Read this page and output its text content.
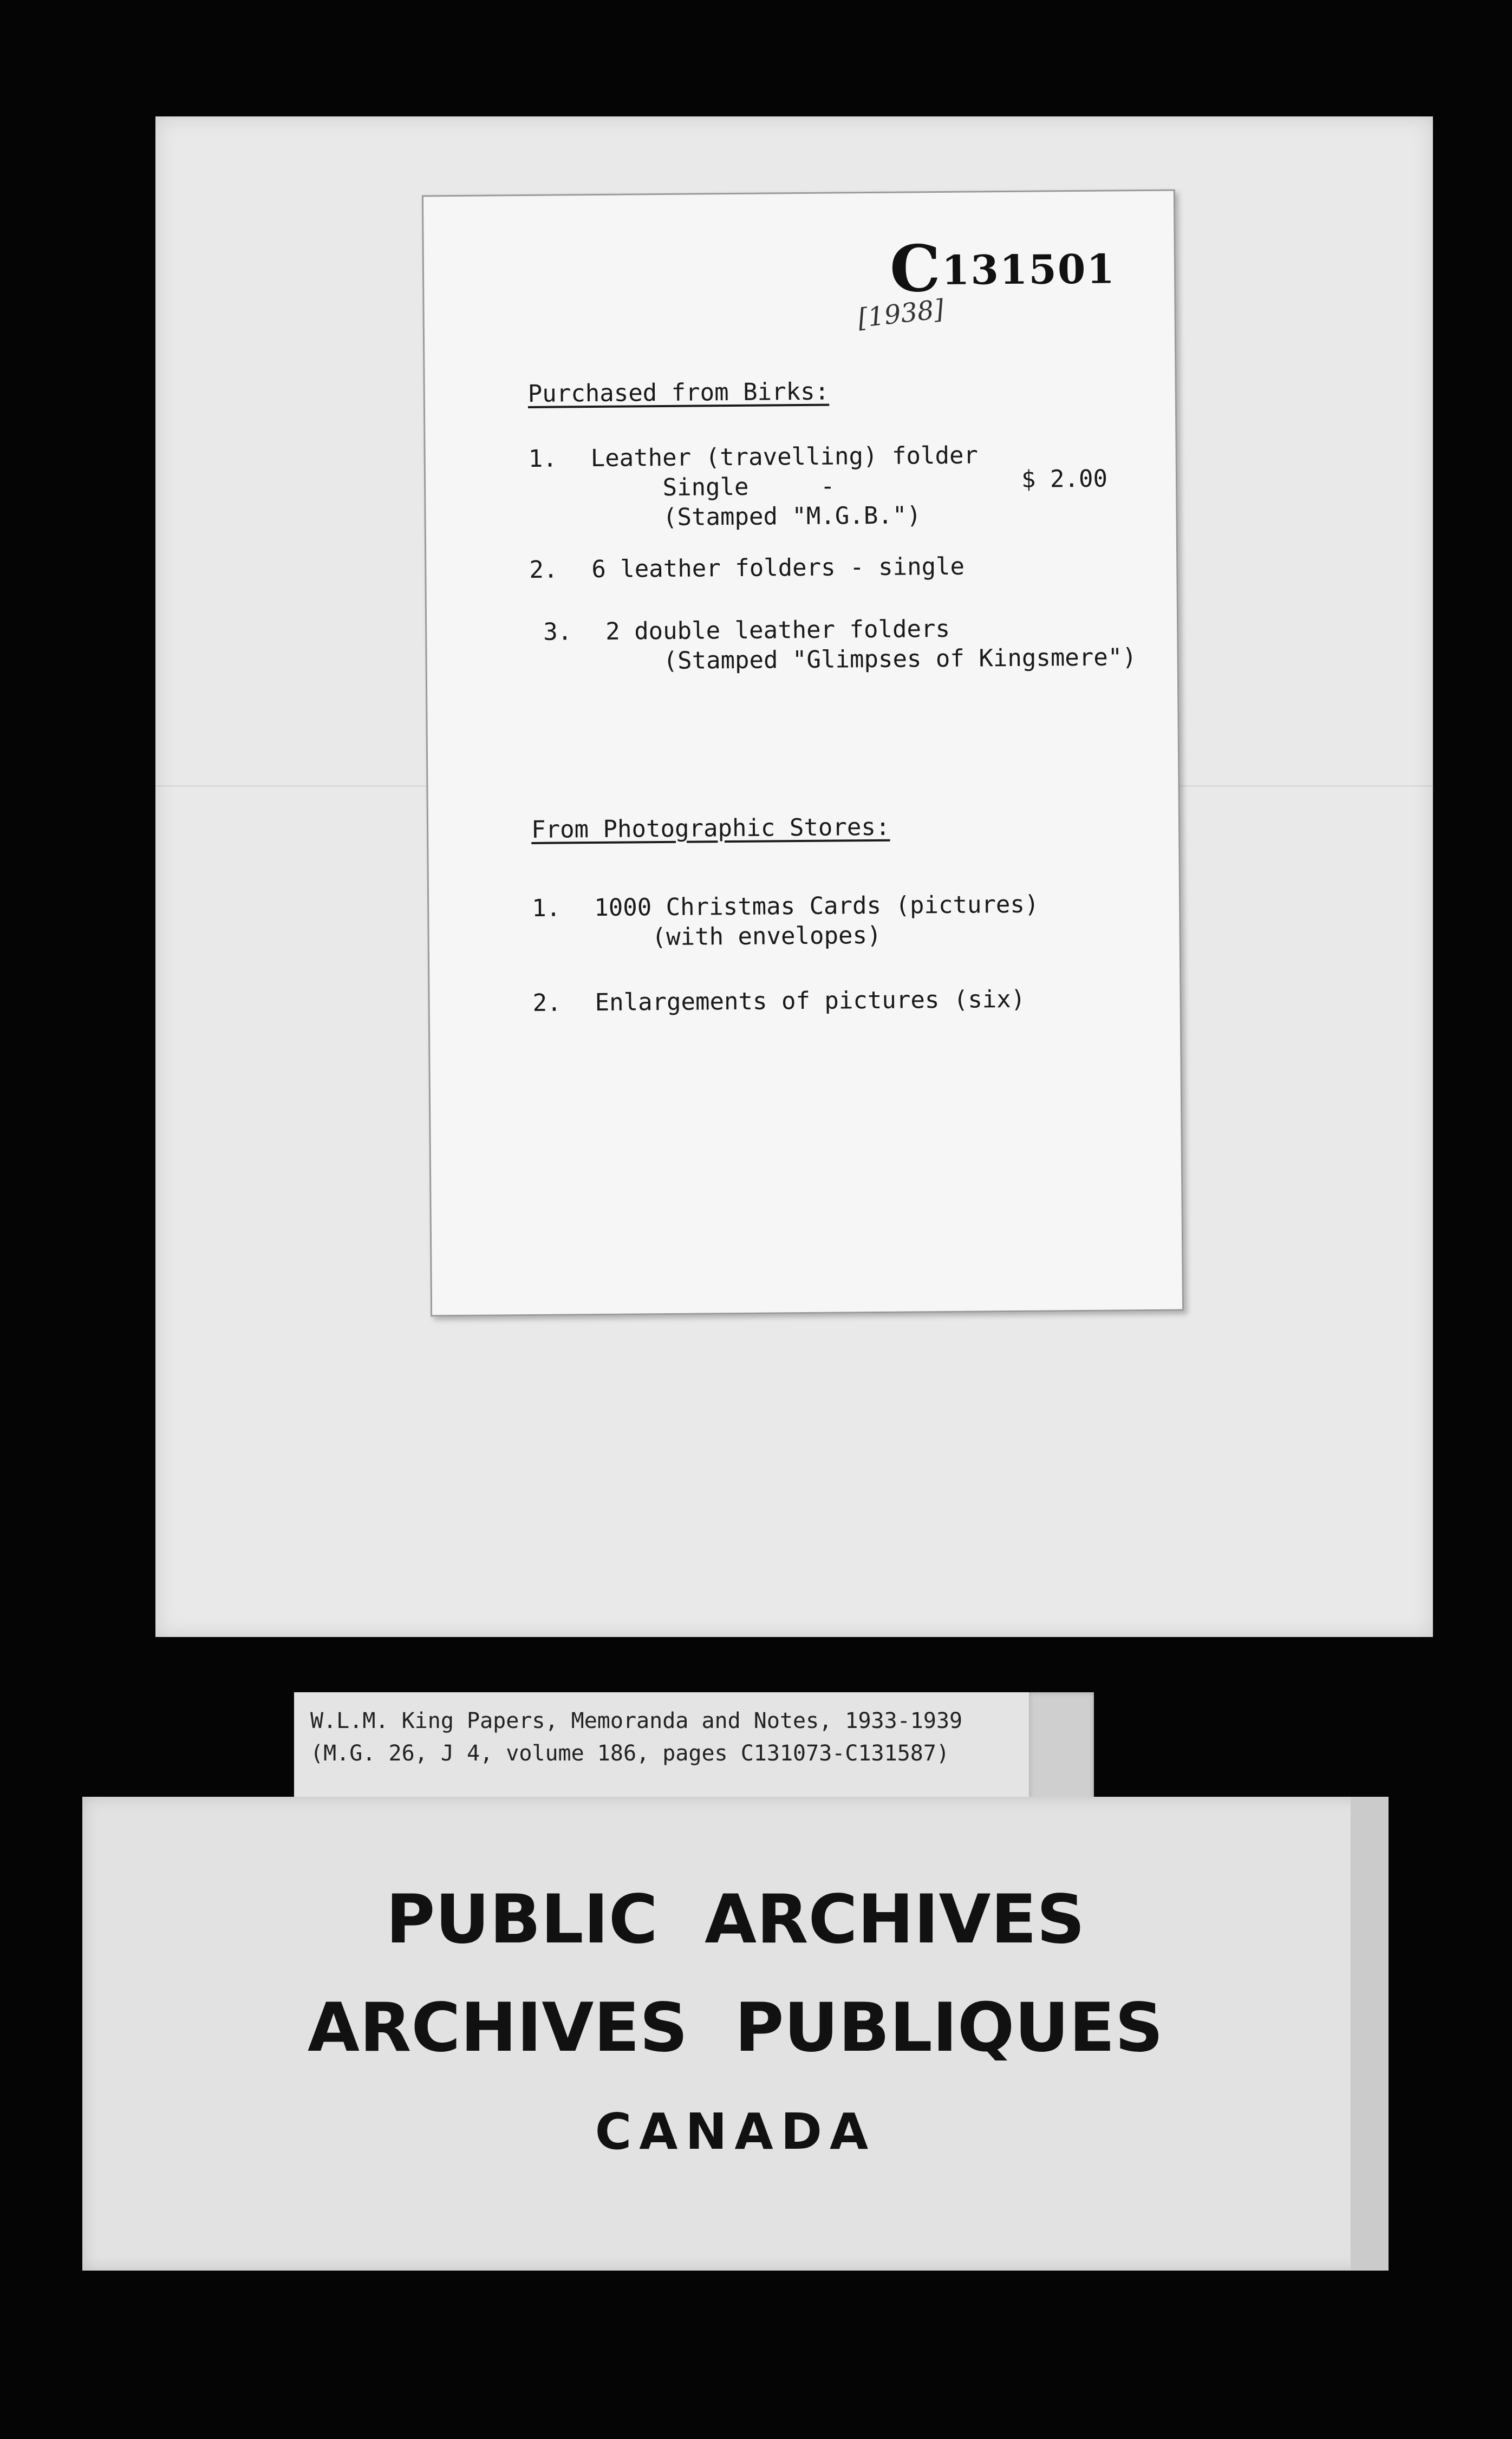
C131501
[1938]
Purchased from Birks:
1. Leather (travelling) folder
Single     -
(Stamped "M.G.B.")
$ 2.00
2. 6 leather folders - single
3. 2 double leather folders
(Stamped "Glimpses of Kingsmere")
From Photographic Stores:
1. 1000 Christmas Cards (pictures)
(with envelopes)
2. Enlargements of pictures (six)
W.L.M. King Papers, Memoranda and Notes, 1933-1939
(M.G. 26, J 4, volume 186, pages C131073-C131587)
PUBLIC  ARCHIVES
ARCHIVES  PUBLIQUES
CANADA
